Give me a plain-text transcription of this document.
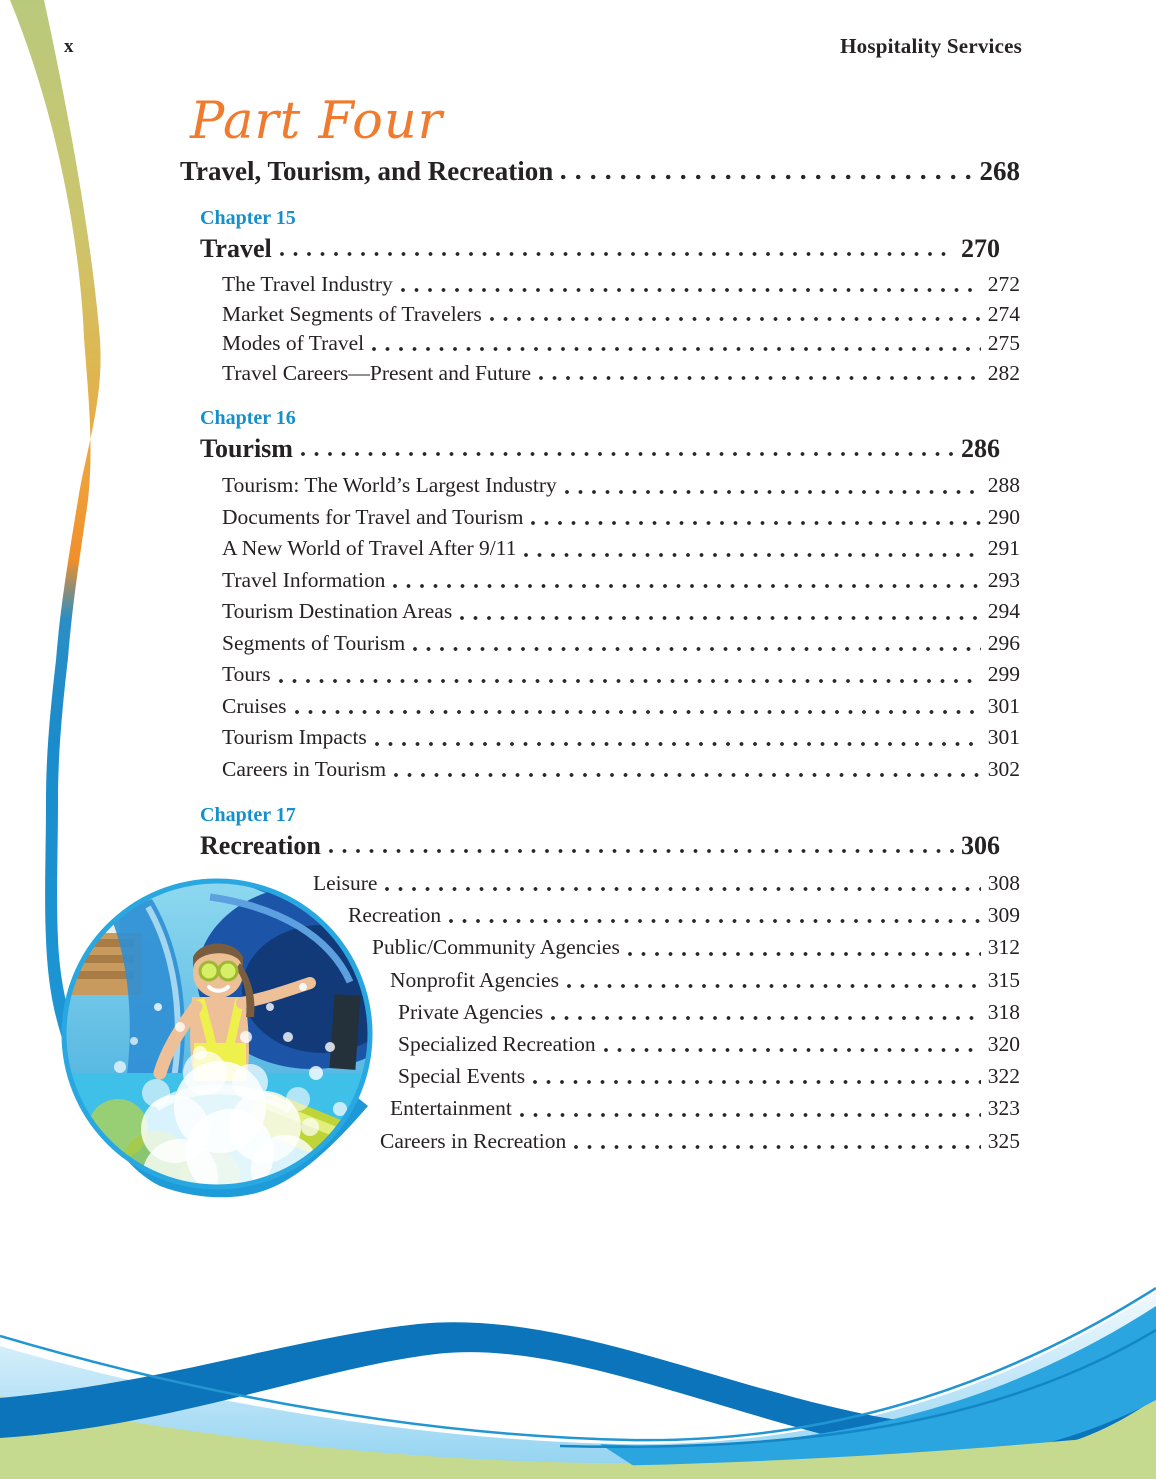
x	Hospitality Services
Part Four
Travel, Tourism, and Recreation	268
Chapter 15
Travel	270
The Travel Industry	272
Market Segments of Travelers	274
Modes of Travel	275
Travel Careers—Present and Future	282
Chapter 16
Tourism	286
Tourism: The World’s Largest Industry	288
Documents for Travel and Tourism	290
A New World of Travel After 9/11	291
Travel Information	293
Tourism Destination Areas	294
Segments of Tourism	296
Tours	299
Cruises	301
Tourism Impacts	301
Careers in Tourism	302
Chapter 17
Recreation	306
Leisure	308
Recreation	309
Public/Community Agencies	312
Nonprofit Agencies	315
Private Agencies	318
Specialized Recreation	320
Special Events	322
Entertainment	323
Careers in Recreation	325
